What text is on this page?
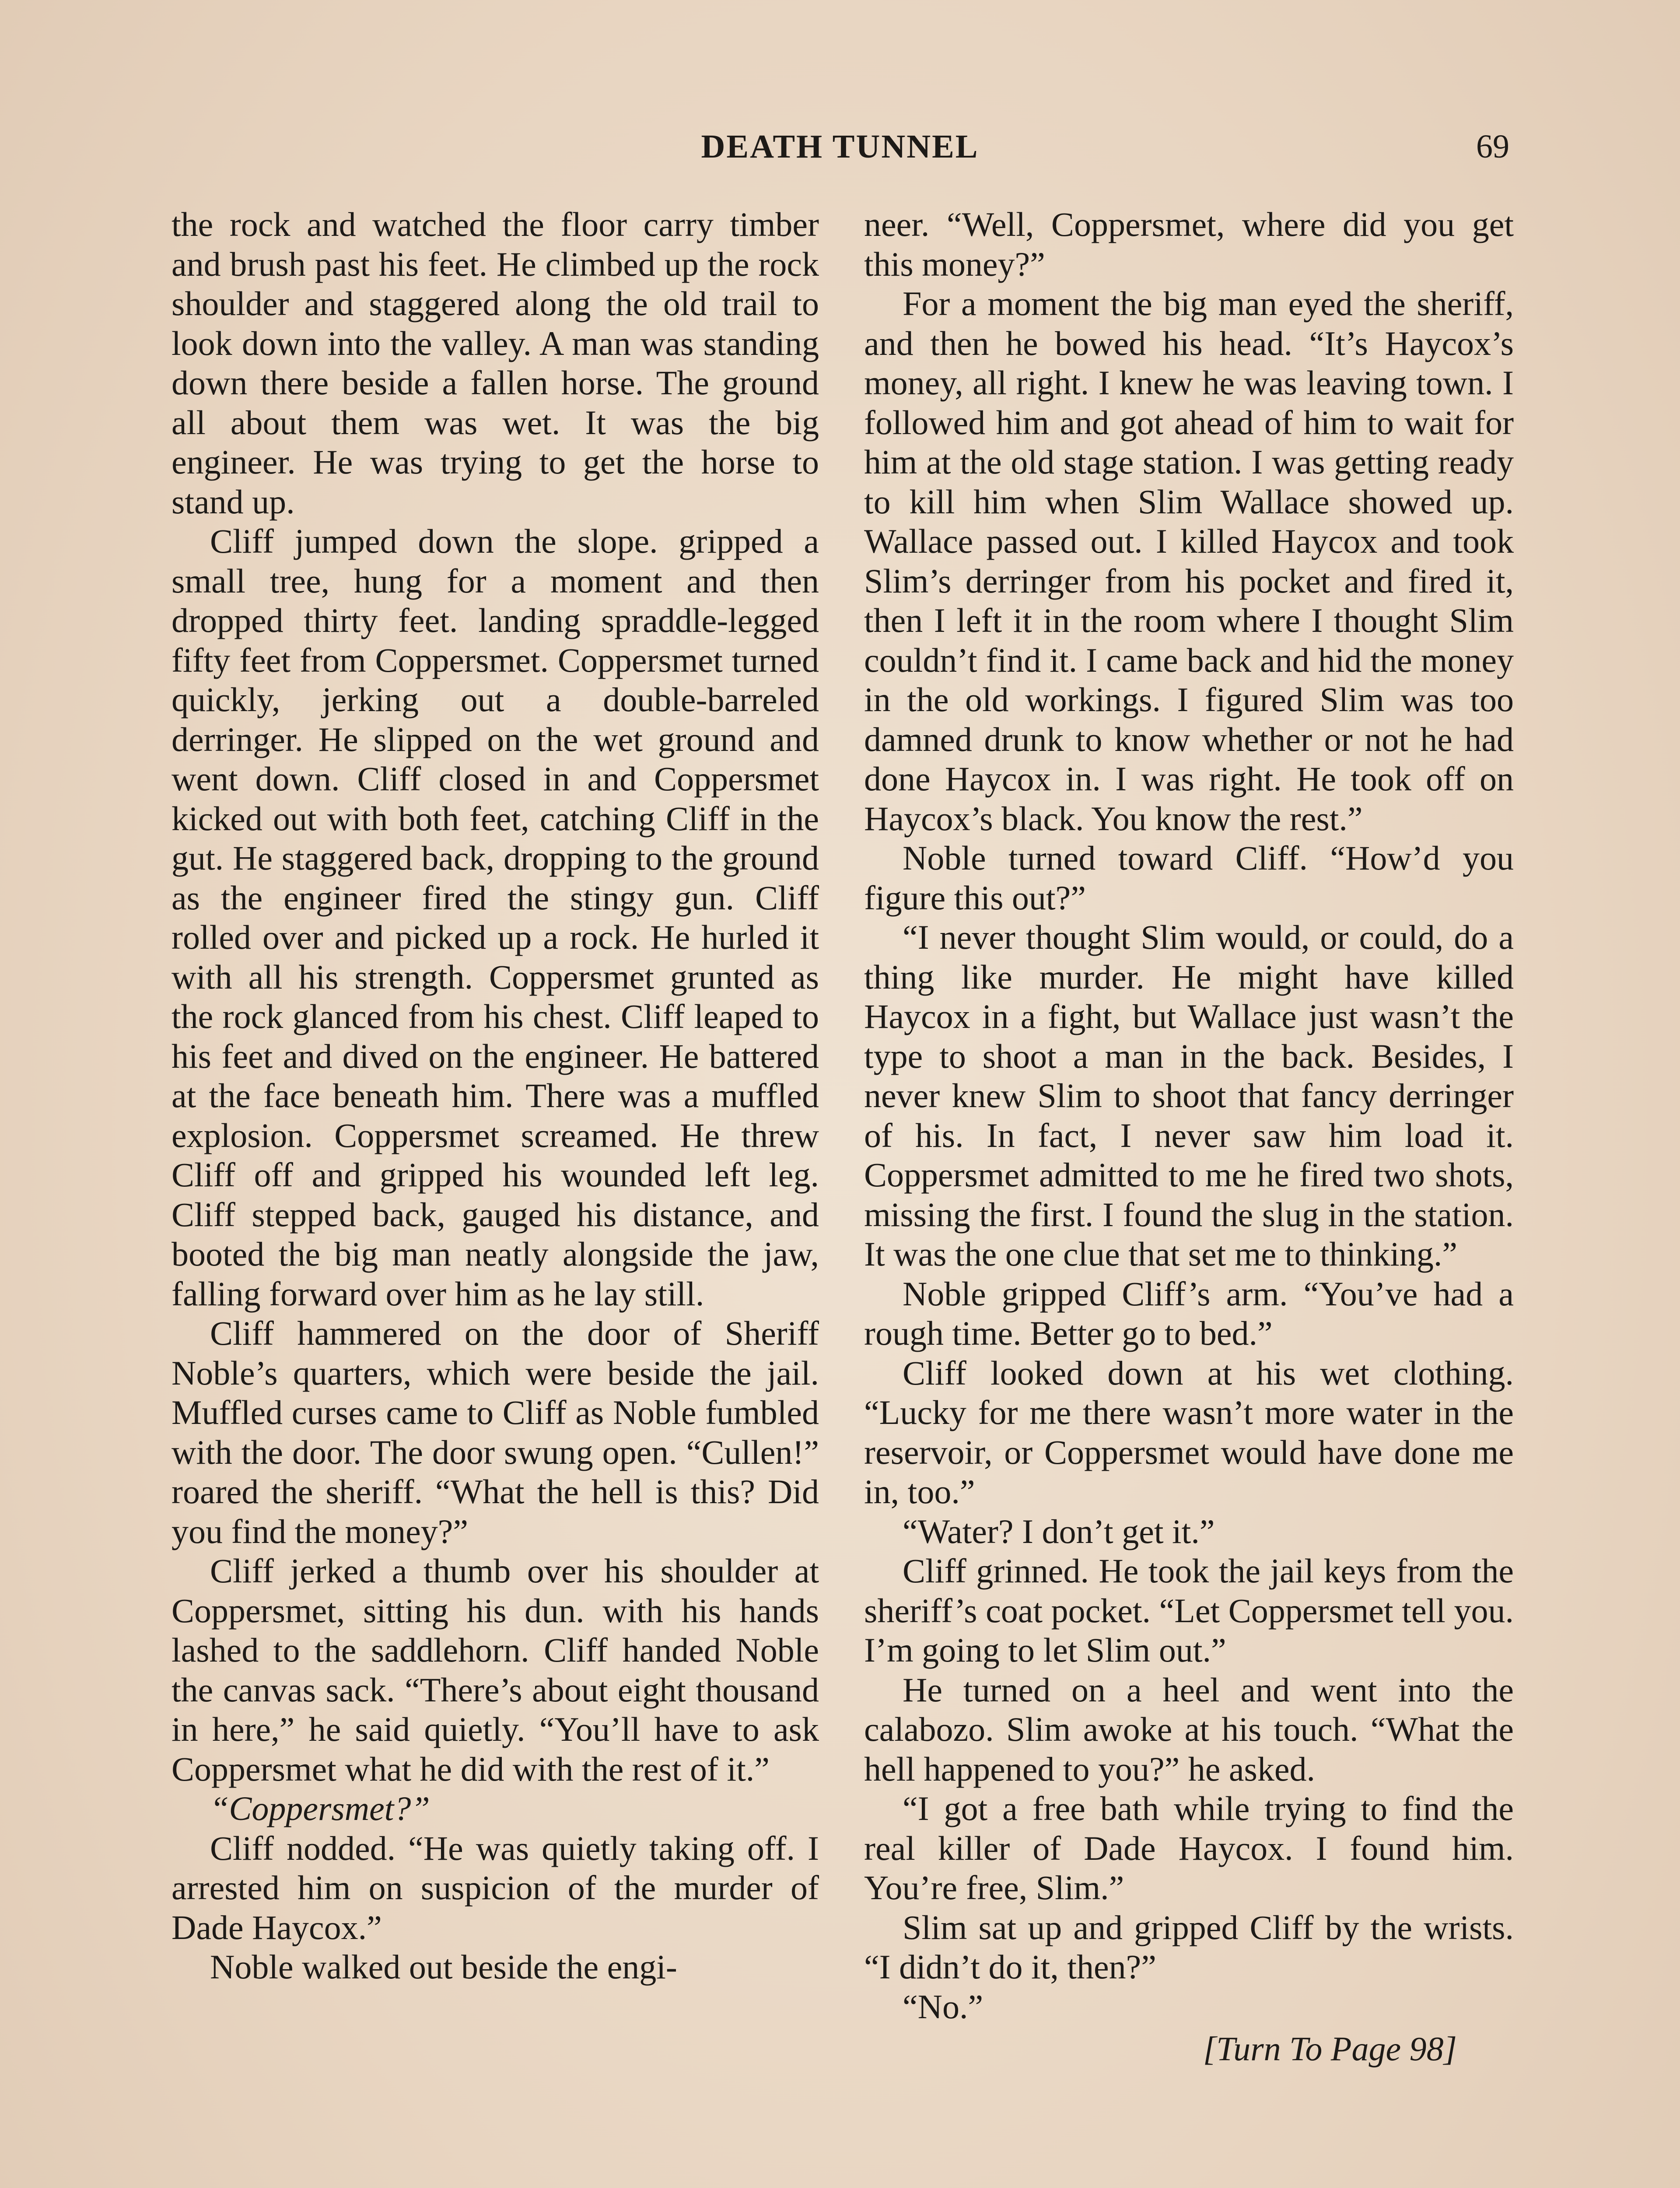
DEATH TUNNEL	69

the rock and watched the floor carry timber and brush past his feet. He climbed up the rock shoulder and staggered along the old trail to look down into the valley. A man was standing down there beside a fallen horse. The ground all about them was wet. It was the big engineer. He was trying to get the horse to stand up.

Cliff jumped down the slope. gripped a small tree, hung for a moment and then dropped thirty feet. landing spraddle-legged fifty feet from Coppersmet. Coppersmet turned quickly, jerking out a double-barreled derringer. He slipped on the wet ground and went down. Cliff closed in and Coppersmet kicked out with both feet, catching Cliff in the gut. He staggered back, dropping to the ground as the engineer fired the stingy gun. Cliff rolled over and picked up a rock. He hurled it with all his strength. Coppersmet grunted as the rock glanced from his chest. Cliff leaped to his feet and dived on the engineer. He battered at the face beneath him. There was a muffled explosion. Coppersmet screamed. He threw Cliff off and gripped his wounded left leg. Cliff stepped back, gauged his distance, and booted the big man neatly alongside the jaw, falling forward over him as he lay still.

Cliff hammered on the door of Sheriff Noble’s quarters, which were beside the jail. Muffled curses came to Cliff as Noble fumbled with the door. The door swung open. “Cullen!” roared the sheriff. “What the hell is this? Did you find the money?”

Cliff jerked a thumb over his shoulder at Coppersmet, sitting his dun. with his hands lashed to the saddlehorn. Cliff handed Noble the canvas sack. “There’s about eight thousand in here,” he said quietly. “You’ll have to ask Coppersmet what he did with the rest of it.”

“Coppersmet?”

Cliff nodded. “He was quietly taking off. I arrested him on suspicion of the murder of Dade Haycox.”

Noble walked out beside the engi-

neer. “Well, Coppersmet, where did you get this money?”

For a moment the big man eyed the sheriff, and then he bowed his head. “It’s Haycox’s money, all right. I knew he was leaving town. I followed him and got ahead of him to wait for him at the old stage station. I was getting ready to kill him when Slim Wallace showed up. Wallace passed out. I killed Haycox and took Slim’s derringer from his pocket and fired it, then I left it in the room where I thought Slim couldn’t find it. I came back and hid the money in the old workings. I figured Slim was too damned drunk to know whether or not he had done Haycox in. I was right. He took off on Haycox’s black. You know the rest.”

Noble turned toward Cliff. “How’d you figure this out?”

“I never thought Slim would, or could, do a thing like murder. He might have killed Haycox in a fight, but Wallace just wasn’t the type to shoot a man in the back. Besides, I never knew Slim to shoot that fancy derringer of his. In fact, I never saw him load it. Coppersmet admitted to me he fired two shots, missing the first. I found the slug in the station. It was the one clue that set me to thinking.”

Noble gripped Cliff’s arm. “You’ve had a rough time. Better go to bed.”

Cliff looked down at his wet clothing. “Lucky for me there wasn’t more water in the reservoir, or Coppersmet would have done me in, too.”

“Water? I don’t get it.”

Cliff grinned. He took the jail keys from the sheriff’s coat pocket. “Let Coppersmet tell you. I’m going to let Slim out.”

He turned on a heel and went into the calabozo. Slim awoke at his touch. “What the hell happened to you?” he asked.

“I got a free bath while trying to find the real killer of Dade Haycox. I found him. You’re free, Slim.”

Slim sat up and gripped Cliff by the wrists. “I didn’t do it, then?”

“No.”

[Turn To Page 98]
